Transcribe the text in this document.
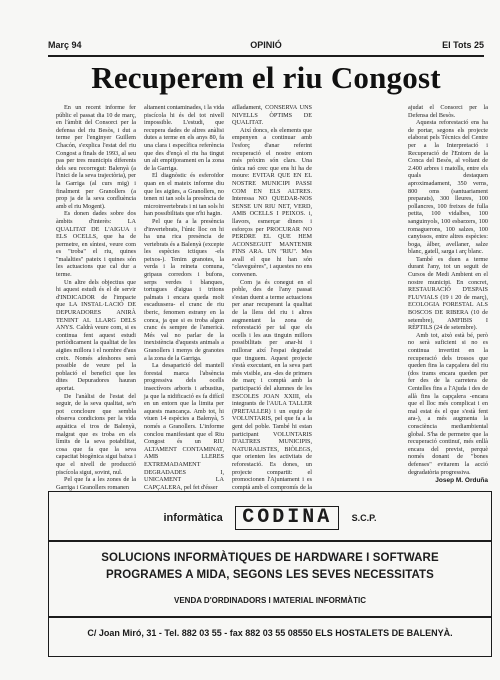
Març 94	OPINIÓ	El Tots 25
Recuperem el riu Congost

En un recent informe fer públic el passat dia 10 de març, en l'àmbit del Consorci per la defensa del riu Besòs, i dut a terme per l'enginyer Guillem Chacón, s'explica l'estat del riu Congost a finals de 1993, al seu pas per tres municipis diferents dels seu recorregut: Balenyà (a l'inici de la seva trajectòria), per la Garriga (al curs mig) i finalment per Granollers (a prop ja de la seva confluència amb el riu Mogent).

Es donen dades sobre dos àmbits d'interès: LA QUALITAT DE L'AIGUA i ELS OCELLS, que ha de permetre, en síntesi, veure com es "troba" el riu, quines "malalties" pateix i quines són les actuacions que cal dur a terme.

Un altre dels objectius que hi aquest estudi és el de servir d'INDICADOR de l'impacte que LA INSTAL·LACIÓ DE DEPURADORES ANIRÀ TENINT AL LLARG DELS ANYS. Caldrà veure com, si es continua fent aquest estudi periòdicament la qualitat de les aigües millora i el nombre d'aus creix. Només afeshores serà possible de veure pel la població el benefici que les dites Depuradores hauran aportat.

De l'anàlisi de l'estat del seguir, de la seva qualitat, se'n pot concloure que sembla observa condicions per la vida aquàtica el tros de Balenyà, malgrat que es troba en els límits de la seva potabilitat, cosa que fa que la seva capacitat biogènica sigui baixa i que el nivell de producció piscícola sigui, sovint, nul.

Pel que fa a les zones de la Garriga i Granollers romanen

altament contaminades, i la vida piscícola hi és del tot nivell impossible. L'estudi, que recupera dades de altres anàlisi dutes a terme en els anys 80, fa una clara i específica referència que des d'ençà el riu ha tingut un alt empitjorament en la zona de la Garriga.

El diagnòstic és esferoïdor quan en el mateix informe diu que les aigües, a Granollers, no tenen ni tan sols la presència de microinvertebrats i ni tan sols hi han possibilitats que n'hi hagin.

Pel que fa a la presència d'invertebrats, l'únic lloc on hi ha una rica presència de vertebrats és a Balenyà (excepte les espècies ictiques -els peixos-). Tenim granotes, la verda i la reineta comuna, gripaus corredors i bufons, serps verdes i blanques, tortugues d'aigua i tritons palmats i encara queda molt escadussera- el cranc de riu iberic, fenomen estrany en la conca, ja que si es troba algun cranc és sempre de l'americà. Més val no parlar de la inexistència d'aquests animals a Granollers i menys de granotes a la zona de la Garriga.

La desaparició del mantell forestal marca l'absència progressiva dels ocells insectívors arboris i arbustius, ja que la nidificació es fa difícil en un entorn que la limita per aquests mancança. Amb tot, hi viuen 14 espècies a Balenyà, 5 només a Granollers. L'informe conclou manifestant que el Riu Congost és un RIU ALTAMENT CONTAMINAT, AMB LLERES EXTREMADAMENT DEGRADADES I, UNICAMENT LA CAPÇALERA, pel fet d'ésser

aïlladament, CONSERVA UNS NIVELLS ÒPTIMS DE QUALITAT.

Així doncs, els elements que empenyen a continuar amb l'esforç d'anar referint recuperació el nostre entorn més pròxim són clars. Una única raó crec que ens hi ha de moure: EVITAR QUE EN EL NOSTRE MUNICIPI PASSI COM EN ELS ALTRES. Interessa NO QUEDAR-NOS SENSE UN RIU NET, VERD, AMB OCELLS I PEIXOS. i, llavors, esmerçar diners i esforços per PROCURAR NO PERDRE EL QUE HEM ACONSEGUIT MANTENIR FINS ARA. UN "RIU". Mes avall el que hi han són "claveguères", i aquestes no ens convenen.

Com ja és conegut en el poble, des de l'any passat s'estan duent a terme actuacions per anar recuperant la qualitat de la llera del riu i altres augmentant la zona de reforestació per tal que els ocells i les aus tinguin millors possibilitats per anar-hi i millorar així l'espai degradat que tinguem. Aquest projecte s'està executant, en la seva part més visible, ara -des de primers de març i comptà amb la participació del alumnes de les ESCOLES JOAN XXIII, els integrants de l'AULA TALLER (PRETALLER) i un equip de VOLUNTARIS, pel que fa a la gent del poble. També hi estan participant VOLUNTARIS D'ALTRES MUNICIPIS, NATURALISTES, BIÒLEGS, que orienten les activitats de reforestació. Es dones, un projecte compartit: el promocionen l'Ajuntament i es comptà amb el compromís de la

ajudat el Consorci per la Defensa del Besòs.

Aquesta reforestació ens ha de portar, segons els projecte elaborat pels Tècnics del Centre per a la Interpretació i Recuperació de l'Entorn de la Conca del Besòs, al voltant de 2.400 arbres i matolls, entre els quals destaquen aproximadament, 350 verns, 800 oms (santuariament preparats), 300 lleures, 100 pollancres, 100 freixes de fulla petita, 100 vidalbes, 100 sanguinyols, 100 esbarzers, 100 romaguerons, 100 salzes, 100 canyissos, entre altres espècies: boga, àlber, avellaner, salze blanc, gatell, sarga i arç blanc.

També es duen a terme durant l'any, tot un seguit de Cursos de Medi Ambient en el nostre municipi. En concret, RESTAURACIÓ D'ESPAIS FLUVIALS (19 i 20 de març), ECOLOGIA FORESTAL ALS BOSCOS DE RIBERA (10 de setembre), AMFIBIS I RÈPTILS (24 de setembre).

Amb tot, això està bé, però no serà suficient si no es continua invertint en la recuperació dels trossos que queden fins la capçalera del riu (dos trams encara queden per fer des de la carretera de Centelles fins a l'Ajuda i des de allà fins la capçalera -encara que el lloc més complicat i en mal estat és el que s'està fent ara-), a més augmenta la consciència mediambiental global. S'ha de permetre que la recuperació continuï, més enllà encara del previst, perquè només donant de "bones defenses" evitarem la acció degradatòria progressiva.

Josep M. Orduña
informàtica CODINA S.C.P.
SOLUCIONS INFORMÀTIQUES DE HARDWARE I SOFTWARE
PROGRAMES A MIDA, SEGONS LES SEVES NECESSITATS
VENDA D'ORDINADORS I MATERIAL INFORMÀTIC
C/ Joan Miró, 31 - Tel. 882 03 55 - fax 882 03 55 08550 ELS HOSTALETS DE BALENYÀ.
